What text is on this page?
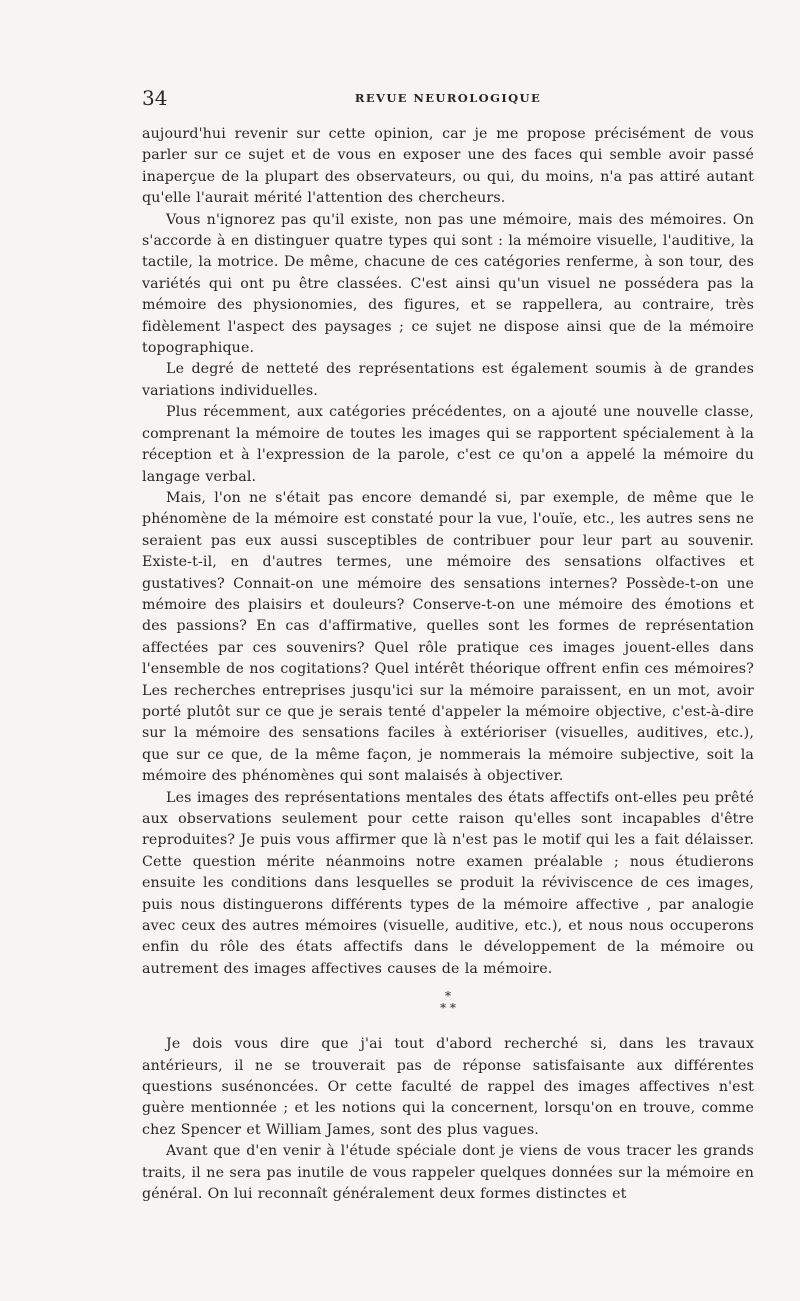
34	REVUE NEUROLOGIQUE

aujourd'hui revenir sur cette opinion, car je me propose précisément de vous parler sur ce sujet et de vous en exposer une des faces qui semble avoir passé inaperçue de la plupart des observateurs, ou qui, du moins, n'a pas attiré autant qu'elle l'aurait mérité l'attention des chercheurs.

Vous n'ignorez pas qu'il existe, non pas une mémoire, mais des mémoires. On s'accorde à en distinguer quatre types qui sont : la mémoire visuelle, l'auditive, la tactile, la motrice. De même, chacune de ces catégories renferme, à son tour, des variétés qui ont pu être classées. C'est ainsi qu'un visuel ne possédera pas la mémoire des physionomies, des figures, et se rappellera, au contraire, très fidèlement l'aspect des paysages ; ce sujet ne dispose ainsi que de la mémoire topographique.

Le degré de netteté des représentations est également soumis à de grandes variations individuelles.

Plus récemment, aux catégories précédentes, on a ajouté une nouvelle classe, comprenant la mémoire de toutes les images qui se rapportent spécialement à la réception et à l'expression de la parole, c'est ce qu'on a appelé la mémoire du langage verbal.

Mais, l'on ne s'était pas encore demandé si, par exemple, de même que le phénomène de la mémoire est constaté pour la vue, l'ouïe, etc., les autres sens ne seraient pas eux aussi susceptibles de contribuer pour leur part au souvenir. Existe-t-il, en d'autres termes, une mémoire des sensations olfactives et gustatives? Connait-on une mémoire des sensations internes? Possède-t-on une mémoire des plaisirs et douleurs? Conserve-t-on une mémoire des émotions et des passions? En cas d'affirmative, quelles sont les formes de représentation affectées par ces souvenirs? Quel rôle pratique ces images jouent-elles dans l'ensemble de nos cogitations? Quel intérêt théorique offrent enfin ces mémoires? Les recherches entreprises jusqu'ici sur la mémoire paraissent, en un mot, avoir porté plutôt sur ce que je serais tenté d'appeler la mémoire objective, c'est-à-dire sur la mémoire des sensations faciles à extérioriser (visuelles, auditives, etc.), que sur ce que, de la même façon, je nommerais la mémoire subjective, soit la mémoire des phénomènes qui sont malaisés à objectiver.

Les images des représentations mentales des états affectifs ont-elles peu prêté aux observations seulement pour cette raison qu'elles sont incapables d'être reproduites? Je puis vous affirmer que là n'est pas le motif qui les a fait délaisser. Cette question mérite néanmoins notre examen préalable ; nous étudierons ensuite les conditions dans lesquelles se produit la réviviscence de ces images, puis nous distinguerons différents types de la mémoire affective , par analogie avec ceux des autres mémoires (visuelle, auditive, etc.), et nous nous occuperons enfin du rôle des états affectifs dans le développement de la mémoire ou autrement des images affectives causes de la mémoire.

*
* *

Je dois vous dire que j'ai tout d'abord recherché si, dans les travaux antérieurs, il ne se trouverait pas de réponse satisfaisante aux différentes questions susénoncées. Or cette faculté de rappel des images affectives n'est guère mentionnée ; et les notions qui la concernent, lorsqu'on en trouve, comme chez Spencer et William James, sont des plus vagues.

Avant que d'en venir à l'étude spéciale dont je viens de vous tracer les grands traits, il ne sera pas inutile de vous rappeler quelques données sur la mémoire en général. On lui reconnaît généralement deux formes distinctes et
